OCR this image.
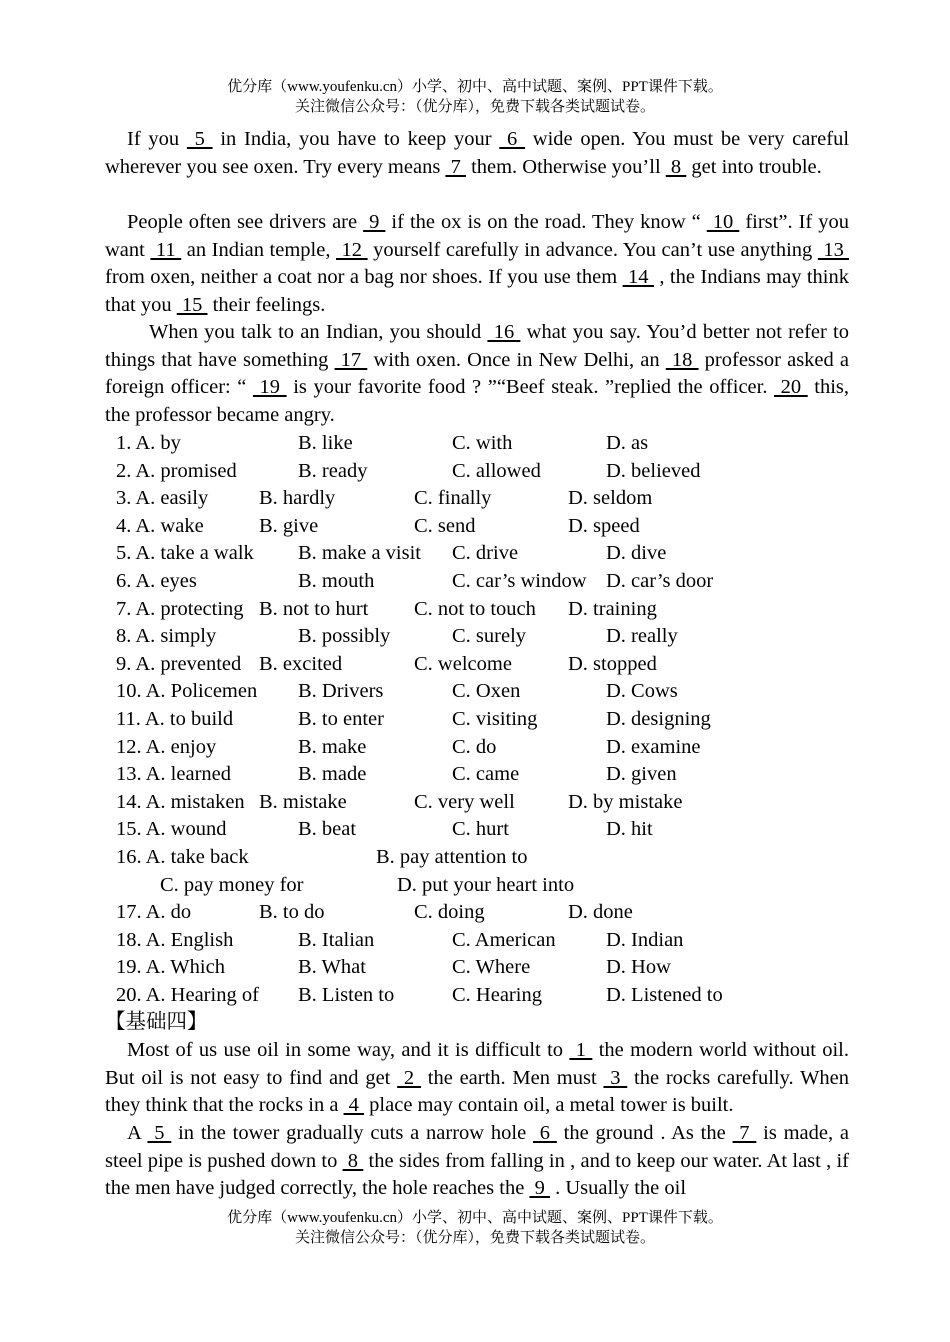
优分库（www.youfenku.cn）小学、初中、高中试题、案例、PPT课件下载。
关注微信公众号：（优分库），免费下载各类试题试卷。

If you  5  in India, you have to keep your  6  wide open. You must be very careful wherever you see oxen. Try every means  7  them. Otherwise you’ll  8  get into trouble.

People often see drivers are  9  if the ox is on the road. They know “  10  first”. If you want  11  an Indian temple,  12  yourself carefully in advance. You can’t use anything  13  from oxen, neither a coat nor a bag nor shoes. If you use them  14  , the Indians may think that you  15  their feelings.

When you talk to an Indian, you should  16  what you say. You’d better not refer to things that have something  17  with oxen. Once in New Delhi, an  18  professor asked a foreign officer: “  19  is your favorite food ? ”“Beef steak. ”replied the officer.  20  this, the professor became angry.

1. A. by	B. like	C. with	D. as
2. A. promised	B. ready	C. allowed	D. believed
3. A. easily B. hardly	C. finally	D. seldom
4. A. wake	B. give	C. send	D. speed
5. A. take a walk B. make a visit C. drive	D. dive
6. A. eyes	B. mouth	C. car’s window D. car’s door
7. A. protecting B. not to hurt C. not to touch D. training
8. A. simply	B. possibly	C. surely	D. really
9. A. prevented B. excited	C. welcome	D. stopped
10. A. Policemen B. Drivers	C. Oxen	D. Cows
11. A. to build	B. to enter	C. visiting	D. designing
12. A. enjoy	B. make	C. do	D. examine
13. A. learned	B. made	C. came	D. given
14. A. mistaken B. mistake	C. very well	D. by mistake
15. A. wound	B. beat	C. hurt	D. hit
16. A. take back	B. pay attention to
C. pay money for	D. put your heart into
17. A. do	B. to do	C. doing	D. done
18. A. English	B. Italian	C. American D. Indian
19. A. Which	B. What	C. Where	D. How
20. A. Hearing of B. Listen to	C. Hearing	D. Listened to
【基础四】

Most of us use oil in some way, and it is difficult to  1  the modern world without oil. But oil is not easy to find and get  2  the earth. Men must  3  the rocks carefully. When they think that the rocks in a  4  place may contain oil, a metal tower is built.

A  5  in the tower gradually cuts a narrow hole  6  the ground . As the  7  is made, a steel pipe is pushed down to  8  the sides from falling in , and to keep our water. At last , if the men have judged correctly, the hole reaches the  9  . Usually the oil

优分库（www.youfenku.cn）小学、初中、高中试题、案例、PPT课件下载。
关注微信公众号：（优分库），免费下载各类试题试卷。
